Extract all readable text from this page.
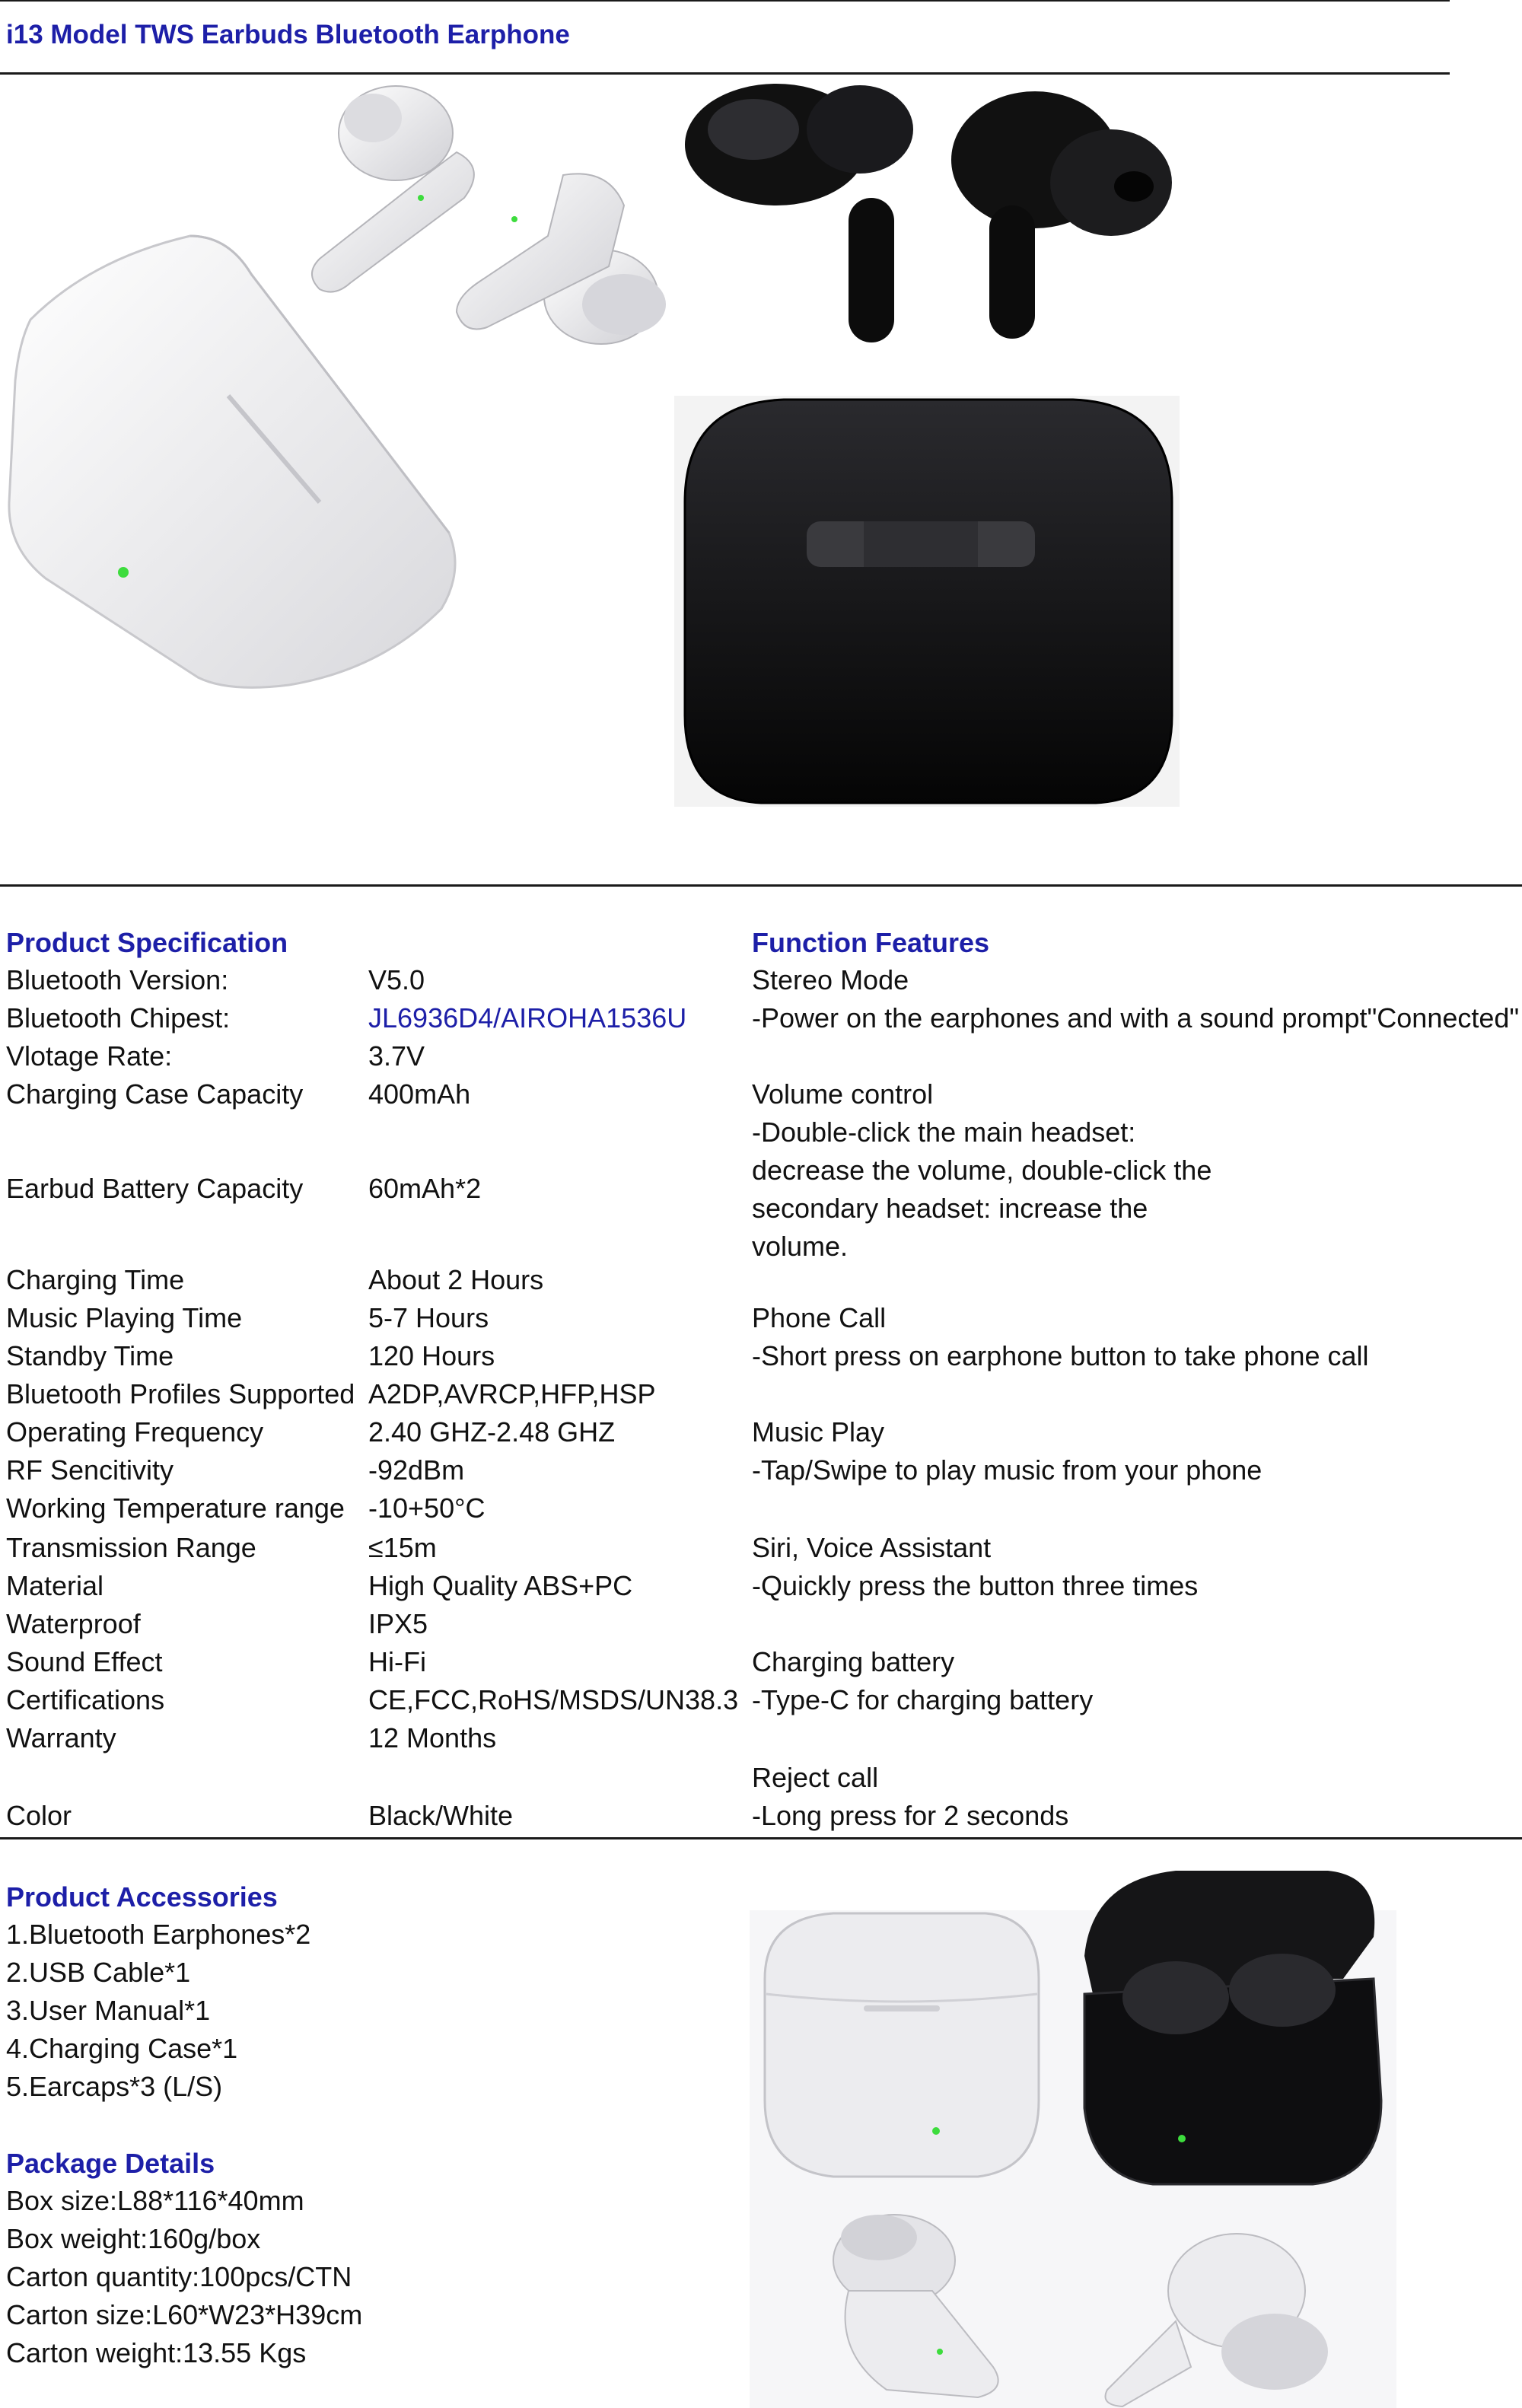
i13 Model TWS Earbuds Bluetooth Earphone
Product Specification
Bluetooth Version:	V5.0
Bluetooth Chipest:	JL6936D4/AIROHA1536U
Vlotage Rate:	3.7V
Charging Case Capacity 400mAh
Earbud Battery Capacity 60mAh*2
Charging Time	About 2 Hours
Music Playing Time	5-7 Hours
Standby Time	120 Hours
Bluetooth Profiles Supported A2DP,AVRCP,HFP,HSP
Operating Frequency	2.40 GHZ-2.48 GHZ
RF Sencitivity	-92dBm
Working Temperature range -10+50°C
Transmission Range	≤15m
Material	High Quality ABS+PC
Waterproof	IPX5
Sound Effect	Hi-Fi
Certifications	CE,FCC,RoHS/MSDS/UN38.3
Warranty	12 Months
Color	Black/White
Function Features
Stereo Mode
-Power on the earphones and with a sound prompt"Connected"
Volume control
-Double-click the main headset:
decrease the volume, double-click the
secondary headset: increase the
volume.
Phone Call
-Short press on earphone button to take phone call
Music Play
-Tap/Swipe to play music from your phone
Siri, Voice Assistant
-Quickly press the button three times
Charging battery
-Type-C for charging battery
Reject call
-Long press for 2 seconds
Product Accessories
1.Bluetooth Earphones*2
2.USB Cable*1
3.User Manual*1
4.Charging Case*1
5.Earcaps*3 (L/S)
Package Details
Box size:L88*116*40mm
Box weight:160g/box
Carton quantity:100pcs/CTN
Carton size:L60*W23*H39cm
Carton weight:13.55 Kgs
